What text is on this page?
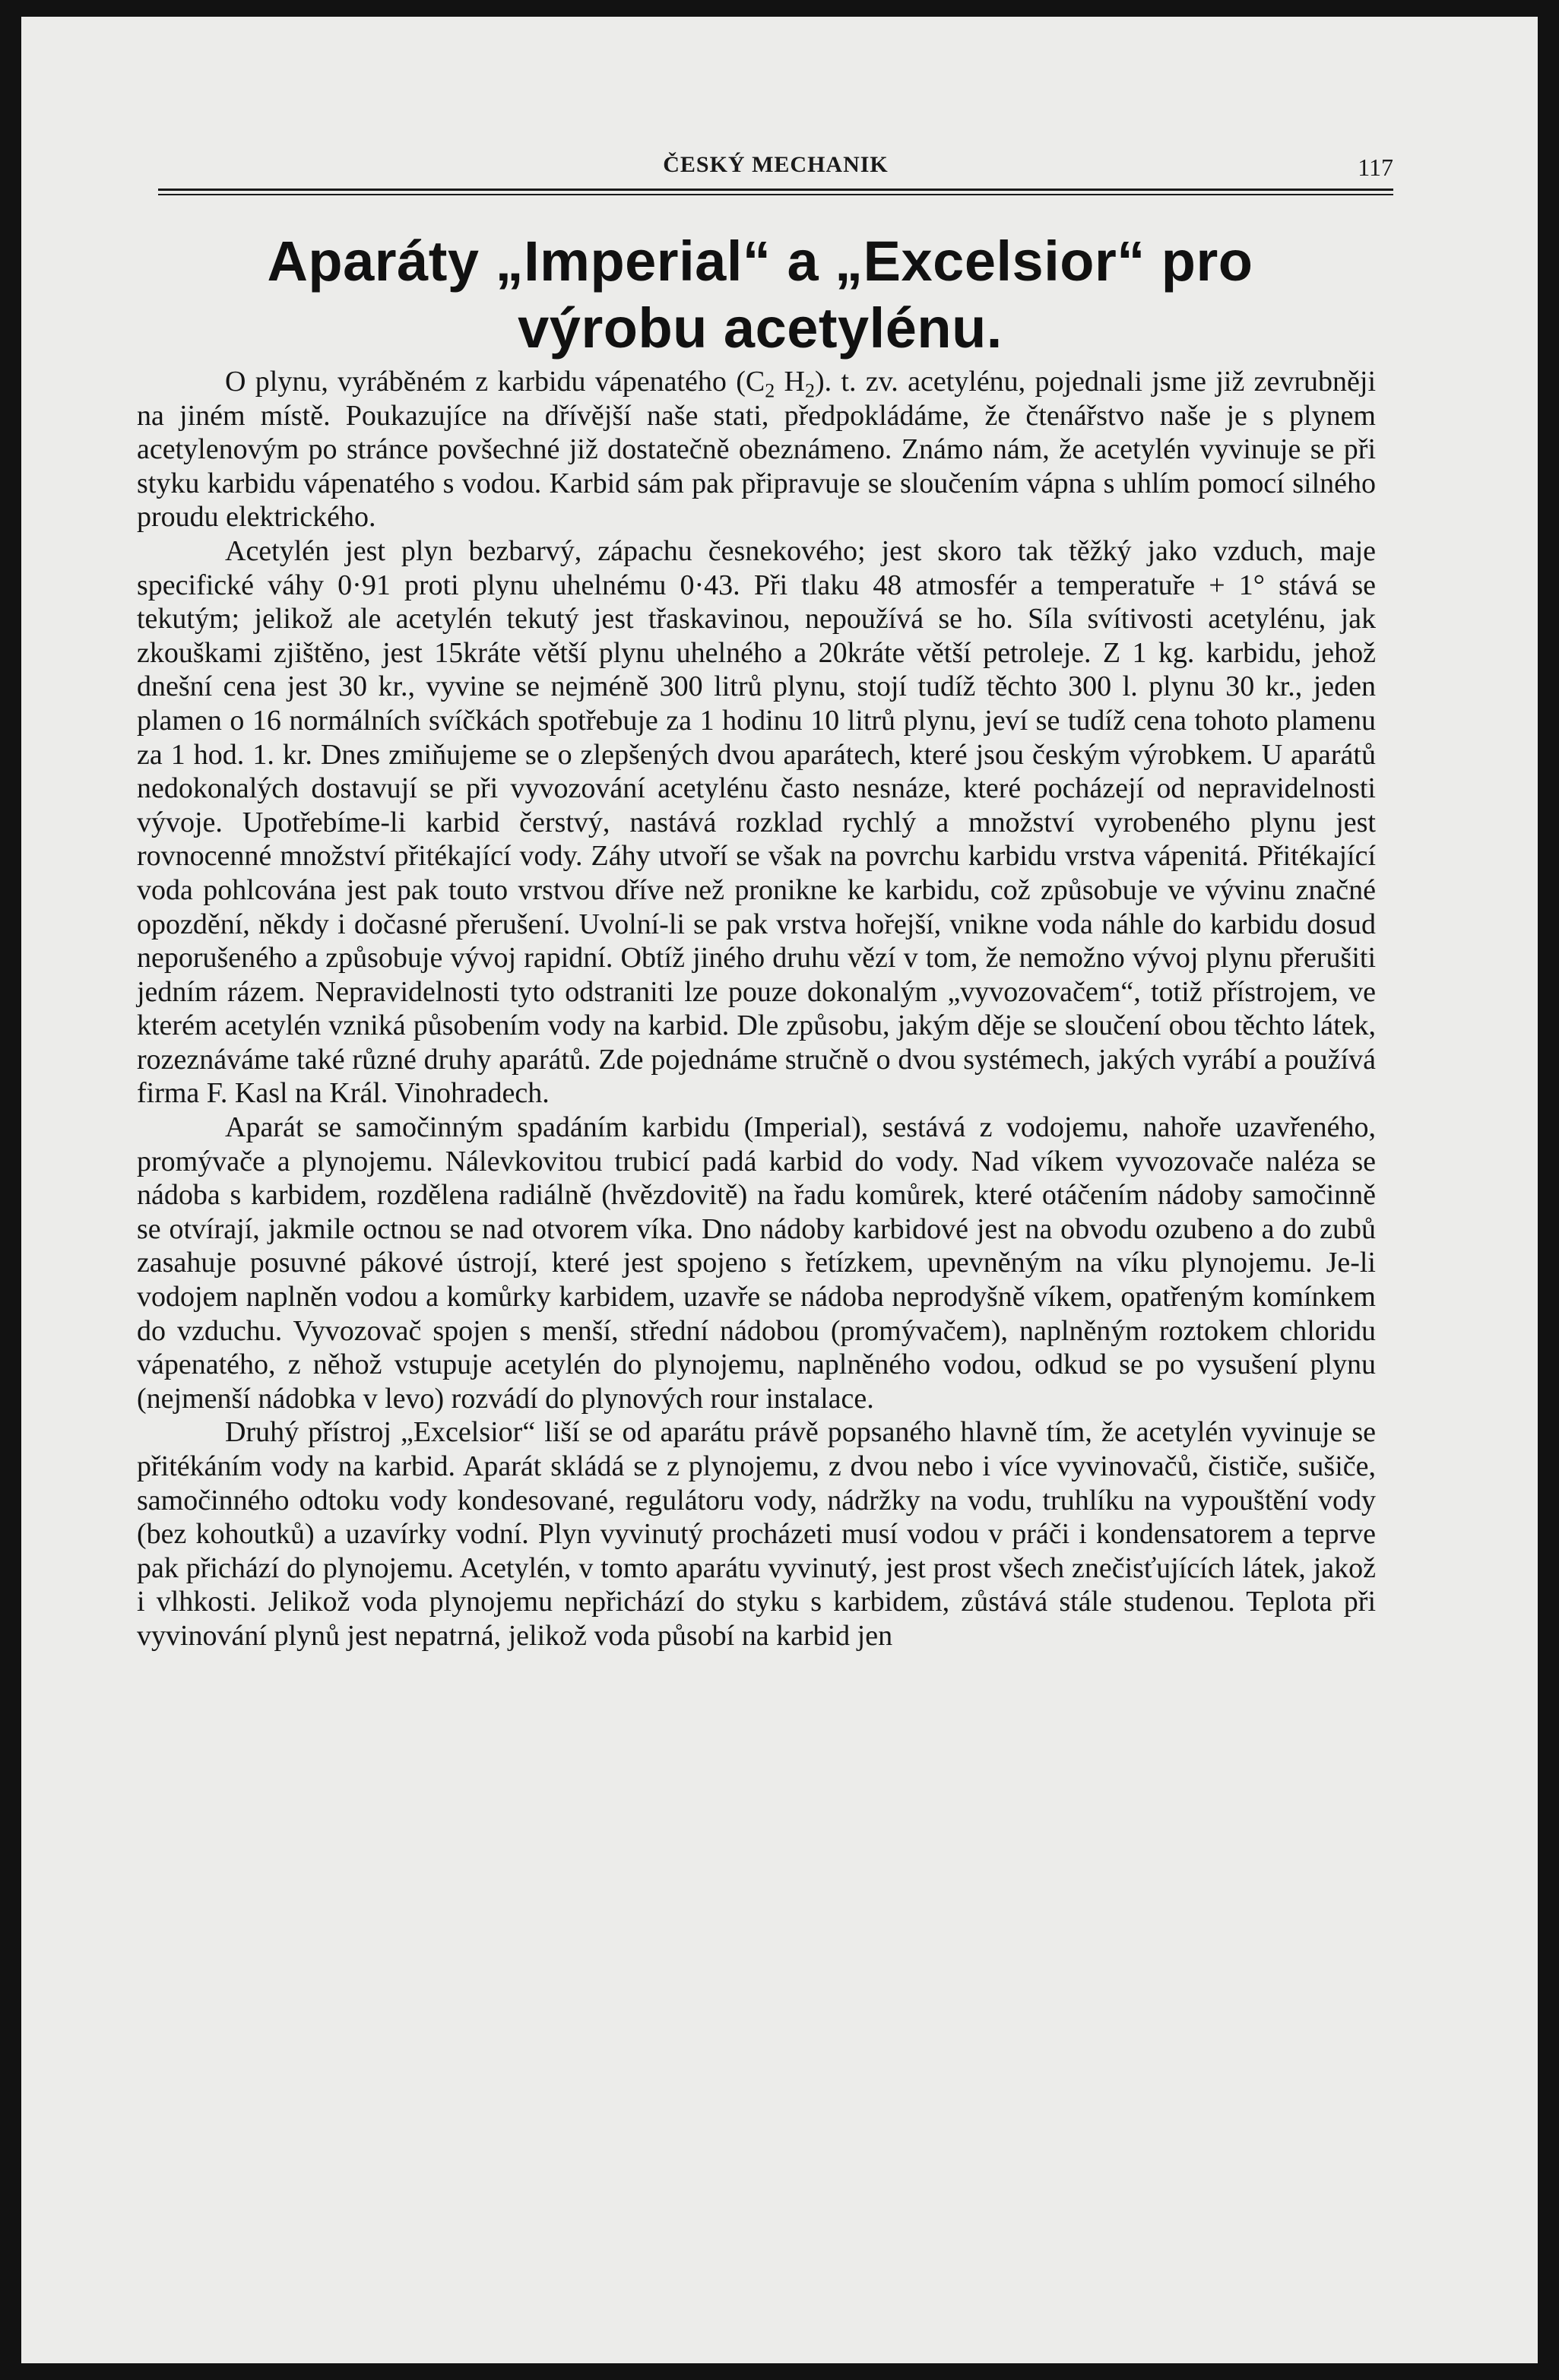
ČESKÝ MECHANIK	117
Aparáty „Imperial“ a „Excelsior“ pro výrobu acetylénu.

O plynu, vyráběném z karbidu vápenatého ($C_2$ $H_2$). t. zv. acetylénu, pojednali jsme již zevrubněji na jiném místě. Poukazujíce na dřívější naše stati, předpokládáme, že čtenářstvo naše je s plynem acetylenovým po stránce povšechné již dostatečně obeznámeno. Známo nám, že acetylén vyvinuje se při styku karbidu vápenatého s vodou. Karbid sám pak připravuje se sloučením vápna s uhlím pomocí silného proudu elektrického.

Acetylén jest plyn bezbarvý, zápachu česnekového; jest skoro tak těžký jako vzduch, maje specifické váhy 0·91 proti plynu uhelnému 0·43. Při tlaku 48 atmosfér a temperatuře + 1° stává se tekutým; jelikož ale acetylén tekutý jest třaskavinou, nepoužívá se ho. Síla svítivosti acetylénu, jak zkouškami zjištěno, jest 15kráte větší plynu uhelného a 20kráte větší petroleje. Z 1 kg. karbidu, jehož dnešní cena jest 30 kr., vyvine se nejméně 300 litrů plynu, stojí tudíž těchto 300 l. plynu 30 kr., jeden plamen o 16 normálních svíčkách spotřebuje za 1 hodinu 10 litrů plynu, jeví se tudíž cena tohoto plamenu za 1 hod. 1. kr. Dnes zmiňujeme se o zlepšených dvou aparátech, které jsou českým výrobkem. U aparátů nedokonalých dostavují se při vyvozování acetylénu často nesnáze, které pocházejí od nepravidelnosti vývoje. Upotřebíme-li karbid čerstvý, nastává rozklad rychlý a množství vyrobeného plynu jest rovnocenné množství přitékající vody. Záhy utvoří se však na povrchu karbidu vrstva vápenitá. Přitékající voda pohlcována jest pak touto vrstvou dříve než pronikne ke karbidu, což způsobuje ve vývinu značné opozdění, někdy i dočasné přerušení. Uvolní-li se pak vrstva hořejší, vnikne voda náhle do karbidu dosud neporušeného a způsobuje vývoj rapidní. Obtíž jiného druhu vězí v tom, že nemožno vývoj plynu přerušiti jedním rázem. Nepravidelnosti tyto odstraniti lze pouze dokonalým „vyvozovačem“, totiž přístrojem, ve kterém acetylén vzniká působením vody na karbid. Dle způsobu, jakým děje se sloučení obou těchto látek, rozeznáváme také různé druhy aparátů. Zde pojednáme stručně o dvou systémech, jakých vyrábí a používá firma F. Kasl na Král. Vinohradech.

Aparát se samočinným spadáním karbidu (Imperial), sestává z vodojemu, nahoře uzavřeného, promývače a plynojemu. Nálevkovitou trubicí padá karbid do vody. Nad víkem vyvozovače naléza se nádoba s karbidem, rozdělena radiálně (hvězdovitě) na řadu komůrek, které otáčením nádoby samočinně se otvírají, jakmile octnou se nad otvorem víka. Dno nádoby karbidové jest na obvodu ozubeno a do zubů zasahuje posuvné pákové ústrojí, které jest spojeno s řetízkem, upevněným na víku plynojemu. Je-li vodojem naplněn vodou a komůrky karbidem, uzavře se nádoba neprodyšně víkem, opatřeným komínkem do vzduchu. Vyvozovač spojen s menší, střední nádobou (promývačem), naplněným roztokem chloridu vápenatého, z něhož vstupuje acetylén do plynojemu, naplněného vodou, odkud se po vysušení plynu (nejmenší nádobka v levo) rozvádí do plynových rour instalace.

Druhý přístroj „Excelsior“ liší se od aparátu právě popsaného hlavně tím, že acetylén vyvinuje se přitékáním vody na karbid. Aparát skládá se z plynojemu, z dvou nebo i více vyvinovačů, čističe, sušiče, samočinného odtoku vody kondesované, regulátoru vody, nádržky na vodu, truhlíku na vypouštění vody (bez kohoutků) a uzavírky vodní. Plyn vyvinutý procházeti musí vodou v práči i kondensatorem a teprve pak přichází do plynojemu. Acetylén, v tomto aparátu vyvinutý, jest prost všech znečisťujících látek, jakož i vlhkosti. Jelikož voda plynojemu nepřichází do styku s karbidem, zůstává stále studenou. Teplota při vyvinování plynů jest nepatrná, jelikož voda působí na karbid jen
